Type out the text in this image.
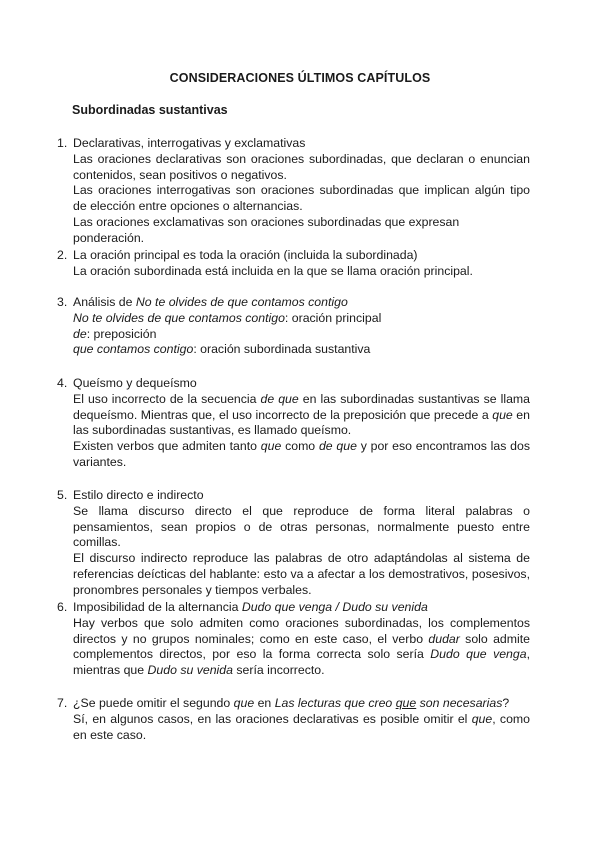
CONSIDERACIONES ÚLTIMOS CAPÍTULOS
Subordinadas sustantivas
1. Declarativas, interrogativas y exclamativas

Las oraciones declarativas son oraciones subordinadas, que declaran o enuncian contenidos, sean positivos o negativos.

Las oraciones interrogativas son oraciones subordinadas que implican algún tipo de elección entre opciones o alternancias.

Las oraciones exclamativas son oraciones subordinadas que expresan ponderación.

2. La oración principal es toda la oración (incluida la subordinada)

La oración subordinada está incluida en la que se llama oración principal.

3. Análisis de No te olvides de que contamos contigo

No te olvides de que contamos contigo: oración principal

de: preposición

que contamos contigo: oración subordinada sustantiva

4. Queísmo y dequeísmo

El uso incorrecto de la secuencia de que en las subordinadas sustantivas se llama dequeísmo. Mientras que, el uso incorrecto de la preposición que precede a que en las subordinadas sustantivas, es llamado queísmo.

Existen verbos que admiten tanto que como de que y por eso encontramos las dos variantes.

5. Estilo directo e indirecto

Se llama discurso directo el que reproduce de forma literal palabras o pensamientos, sean propios o de otras personas, normalmente puesto entre comillas.

El discurso indirecto reproduce las palabras de otro adaptándolas al sistema de referencias deícticas del hablante: esto va a afectar a los demostrativos, posesivos, pronombres personales y tiempos verbales.

6. Imposibilidad de la alternancia Dudo que venga / Dudo su venida

Hay verbos que solo admiten como oraciones subordinadas, los complementos directos y no grupos nominales; como en este caso, el verbo dudar solo admite complementos directos, por eso la forma correcta solo sería Dudo que venga, mientras que Dudo su venida sería incorrecto.

7. ¿Se puede omitir el segundo que en Las lecturas que creo que son necesarias?

Sí, en algunos casos, en las oraciones declarativas es posible omitir el que, como en este caso.
